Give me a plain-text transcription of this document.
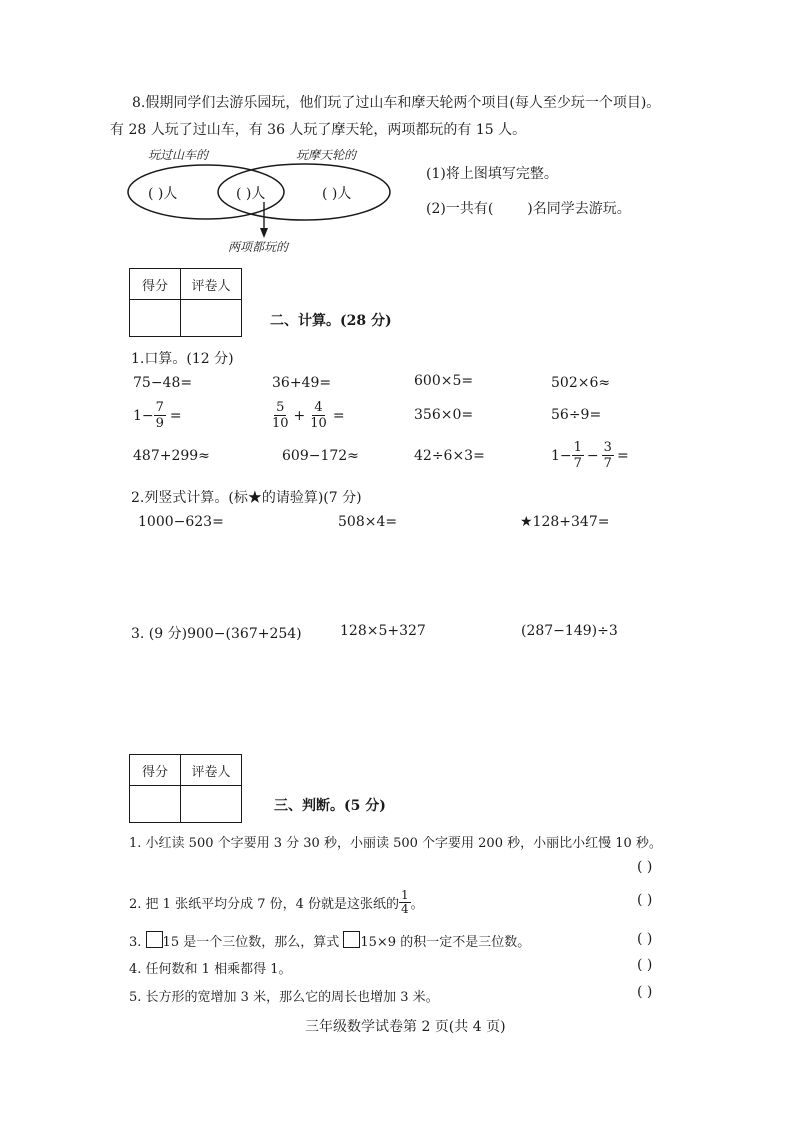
8.假期同学们去游乐园玩，他们玩了过山车和摩天轮两个项目(每人至少玩一个项目)。
有 28 人玩了过山车，有 36 人玩了摩天轮，两项都玩的有 15 人。
玩过山车的	玩摩天轮的
( )人	( )人	( )人
两项都玩的
(1)将上图填写完整。
(2)一共有( )名同学去游玩。
得分	评卷人

二、计算。(28 分)
1.口算。(12 分)
75−48=	36+49=	600×5=	502×6≈
$1- \frac{7}{9}$ =	$\frac{5}{10} + \frac{4}{10}$ =	356×0=	56÷9=
487+299≈	609−172≈	42÷6×3=	$1- \frac{1}{7} - \frac{3}{7}$ =
2.列竖式计算。(标★的请验算)(7 分)
1000−623=	508×4=	★128+347=
3. (9 分)900−(367+254)	128×5+327	(287−149)÷3
得分	评卷人

三、判断。(5 分)
1. 小红读 500 个字要用 3 分 30 秒，小丽读 500 个字要用 200 秒，小丽比小红慢 10 秒。
( )
2. 把 1 张纸平均分成 7 份，4 份就是这张纸的 $\frac{1}{4}$ 。	( )
3. 15 是一个三位数，那么，算式 15×9 的积一定不是三位数。	( )
4. 任何数和 1 相乘都得 1。	( )
5. 长方形的宽增加 3 米，那么它的周长也增加 3 米。	( )
三年级数学试卷第 2 页(共 4 页)
